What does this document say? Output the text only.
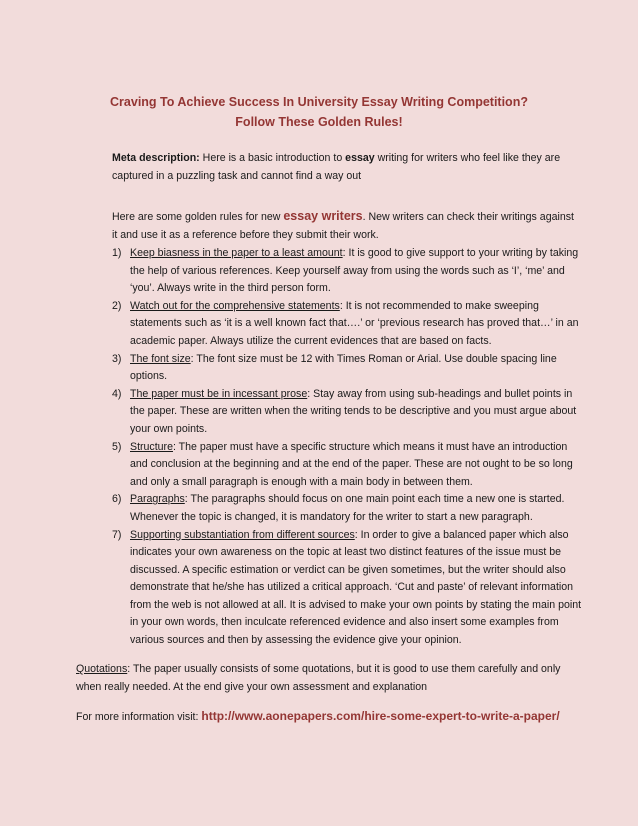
Craving To Achieve Success In University Essay Writing Competition?
Follow These Golden Rules!
Meta description: Here is a basic introduction to essay writing for writers who feel like they are captured in a puzzling task and cannot find a way out
Here are some golden rules for new essay writers. New writers can check their writings against it and use it as a reference before they submit their work.
1) Keep biasness in the paper to a least amount: It is good to give support to your writing by taking the help of various references. Keep yourself away from using the words such as ‘I’, ‘me’ and ‘you’. Always write in the third person form.
2) Watch out for the comprehensive statements: It is not recommended to make sweeping statements such as ‘it is a well known fact that….’ or ‘previous research has proved that…’ in an academic paper. Always utilize the current evidences that are based on facts.
3) The font size: The font size must be 12 with Times Roman or Arial. Use double spacing line options.
4) The paper must be in incessant prose: Stay away from using sub-headings and bullet points in the paper. These are written when the writing tends to be descriptive and you must argue about your own points.
5) Structure: The paper must have a specific structure which means it must have an introduction and conclusion at the beginning and at the end of the paper. These are not ought to be so long and only a small paragraph is enough with a main body in between them.
6) Paragraphs: The paragraphs should focus on one main point each time a new one is started. Whenever the topic is changed, it is mandatory for the writer to start a new paragraph.
7) Supporting substantiation from different sources: In order to give a balanced paper which also indicates your own awareness on the topic at least two distinct features of the issue must be discussed. A specific estimation or verdict can be given sometimes, but the writer should also demonstrate that he/she has utilized a critical approach. ‘Cut and paste’ of relevant information from the web is not allowed at all. It is advised to make your own points by stating the main point in your own words, then inculcate referenced evidence and also insert some examples from various sources and then by assessing the evidence give your opinion.
Quotations: The paper usually consists of some quotations, but it is good to use them carefully and only when really needed. At the end give your own assessment and explanation
For more information visit: http://www.aonepapers.com/hire-some-expert-to-write-a-paper/
